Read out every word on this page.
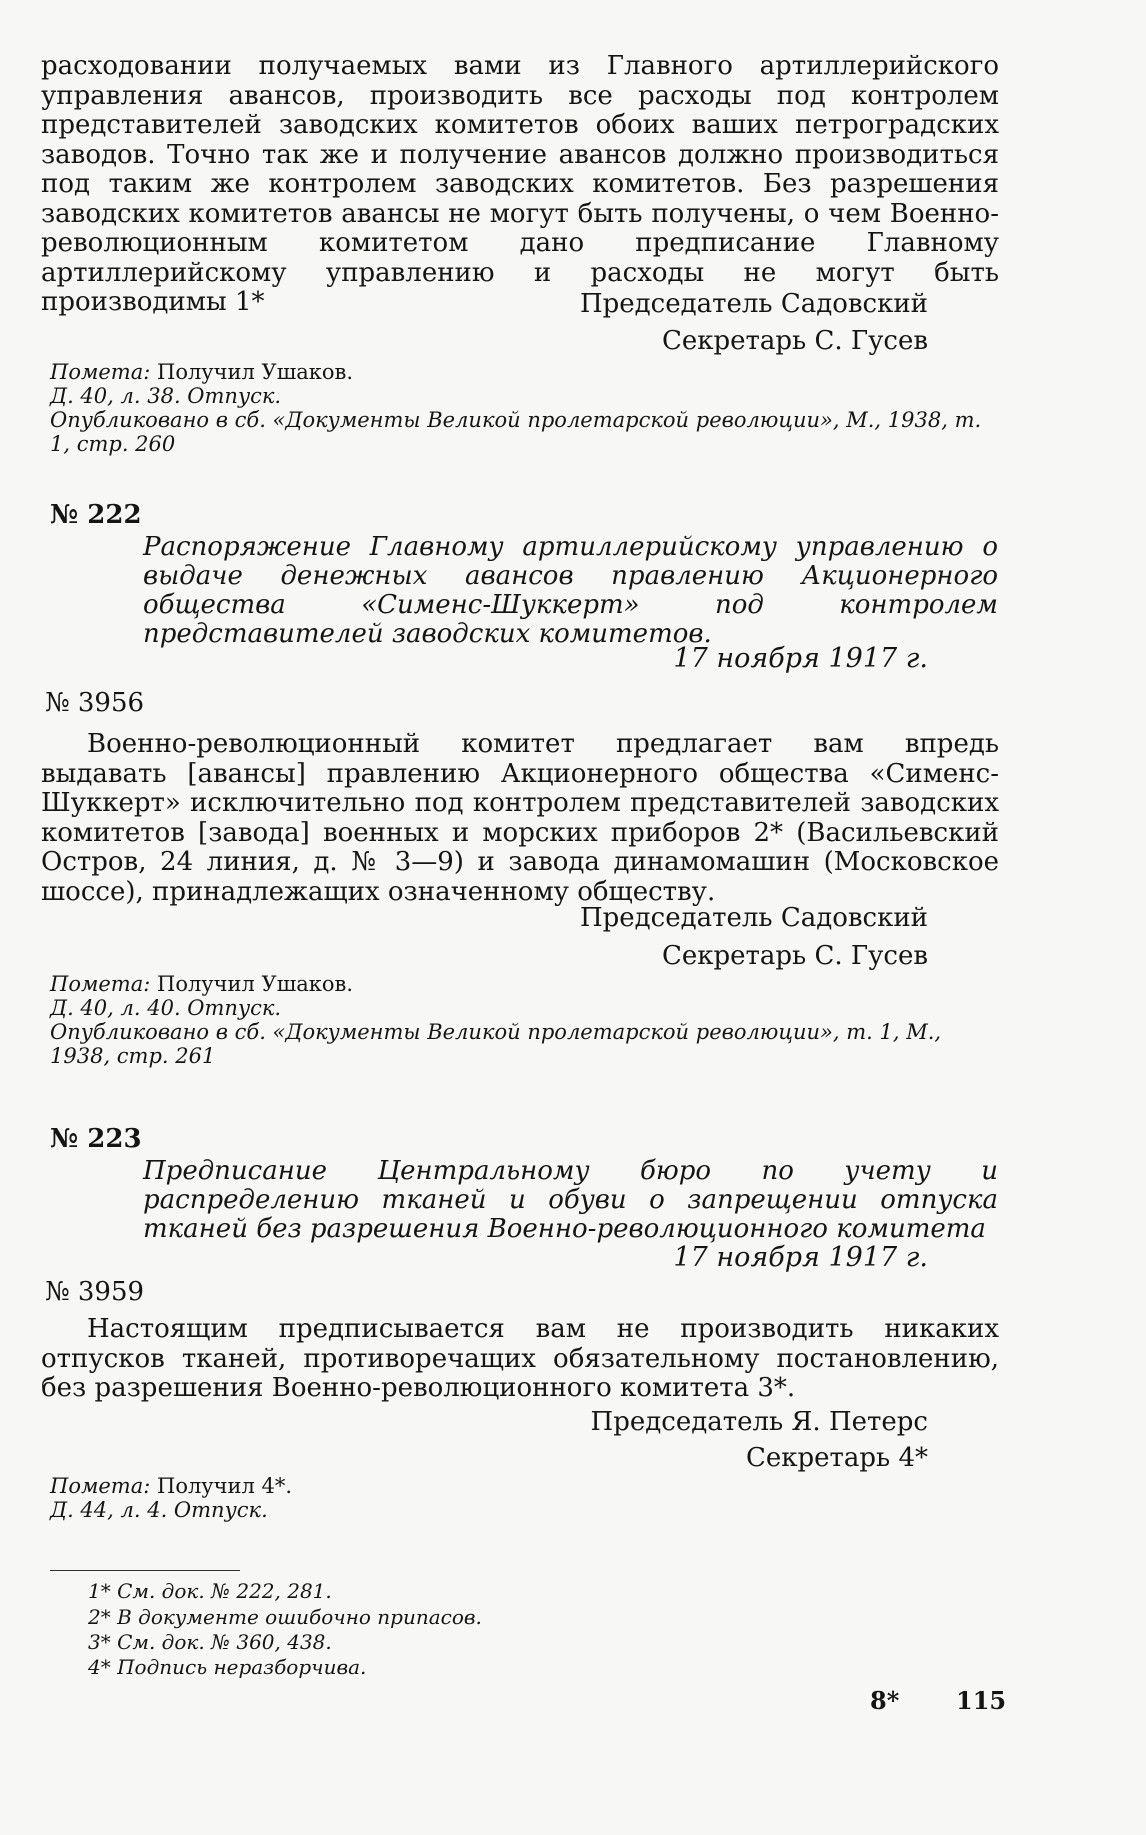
расходовании получаемых вами из Главного артиллерийского управления авансов, производить все расходы под контролем представителей заводских комитетов обоих ваших петроградских заводов. Точно так же и получение авансов должно производиться под таким же контролем заводских комитетов. Без разрешения заводских комитетов авансы не могут быть получены, о чем Военно-революционным комитетом дано предписание Главному артиллерийскому управлению и расходы не могут быть производимы 1*	Председатель Садовский
Секретарь С. Гусев
Помета: Получил Ушаков.
Д. 40, л. 38. Отпуск.
Опубликовано в сб. «Документы Великой пролетарской революции», М., 1938, т. 1, стр. 260
№ 222
Распоряжение Главному артиллерийскому управлению о выдаче денежных авансов правлению Акционерного общества «Сименс-Шуккерт» под контролем представителей заводских комитетов.
17 ноября 1917 г.
№ 3956

Военно-революционный комитет предлагает вам впредь выдавать [авансы] правлению Акционерного общества «Сименс-Шуккерт» исключительно под контролем представителей заводских комитетов [завода] военных и морских приборов 2* (Васильевский Остров, 24 линия, д. № 3—9) и завода динамомашин (Московское шоссе), принадлежащих означенному обществу.

Председатель Садовский
Секретарь С. Гусев
Помета: Получил Ушаков.
Д. 40, л. 40. Отпуск.
Опубликовано в сб. «Документы Великой пролетарской революции», т. 1, М., 1938, стр. 261
№ 223
Предписание Центральному бюро по учету и распределению тканей и обуви о запрещении отпуска тканей без разрешения Военно-революционного комитета
17 ноября 1917 г.
№ 3959

Настоящим предписывается вам не производить никаких отпусков тканей, противоречащих обязательному постановлению, без разрешения Военно-революционного комитета 3*.

Председатель Я. Петерс
Секретарь 4*
Пометa: Получил 4*.
Д. 44, л. 4. Отпуск.
1* См. док. № 222, 281.
2* В документе ошибочно припасов.
3* См. док. № 360, 438.
4* Подпись неразборчива.
8* 115
